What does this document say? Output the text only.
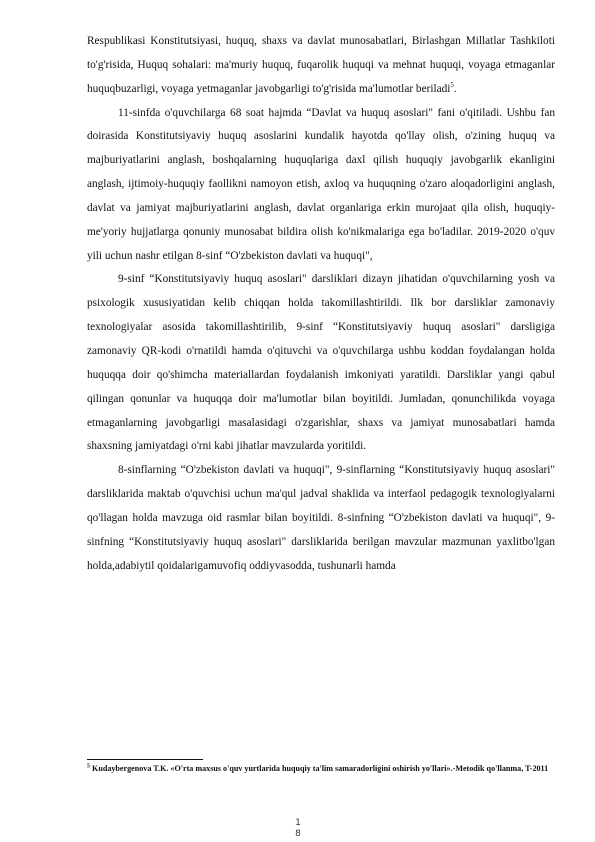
Respublikasi Konstitutsiyasi, huquq, shaxs va davlat munosabatlari, Birlashgan Millatlar Tashkiloti to'g'risida, Huquq sohalari: ma'muriy huquq, fuqarolik huquqi va mehnat huquqi, voyaga etmaganlar huquqbuzarligi, voyaga yetmaganlar javobgarligi to'g'risida ma'lumotlar beriladi$^5$.

11-sinfda o'quvchilarga 68 soat hajmda “Davlat va huquq asoslari" fani o'qitiladi. Ushbu fan doirasida Konstitutsiyaviy huquq asoslarini kundalik hayotda qo'llay olish, o'zining huquq va majburiyatlarini anglash, boshqalarning huquqlariga daxl qilish huquqiy javobgarlik ekanligini anglash, ijtimoiy-huquqiy faollikni namoyon etish, axloq va huquqning o'zaro aloqadorligini anglash, davlat va jamiyat majburiyatlarini anglash, davlat organlariga erkin murojaat qila olish, huquqiy-me'yoriy hujjatlarga qonuniy munosabat bildira olish ko'nikmalariga ega bo'ladilar. 2019-2020 o'quv yili uchun nashr etilgan 8-sinf “O'zbekiston davlati va huquqi",

9-sinf “Konstitutsiyaviy huquq asoslari" darsliklari dizayn jihatidan o'quvchilarning yosh va psixologik xususiyatidan kelib chiqqan holda takomillashtirildi. Ilk bor darsliklar zamonaviy texnologiyalar asosida takomillashtirilib, 9-sinf “Konstitutsiyaviy huquq asoslari" darsligiga zamonaviy QR-kodi o'rnatildi hamda o'qituvchi va o'quvchilarga ushbu koddan foydalangan holda huquqqa doir qo'shimcha materiallardan foydalanish imkoniyati yaratildi. Darsliklar yangi qabul qilingan qonunlar va huquqqa doir ma'lumotlar bilan boyitildi. Jumladan, qonunchilikda voyaga etmaganlarning javobgarligi masalasidagi o'zgarishlar, shaxs va jamiyat munosabatlari hamda shaxsning jamiyatdagi o'rni kabi jihatlar mavzularda yoritildi.

8-sinflarning “O'zbekiston davlati va huquqi", 9-sinflarning “Konstitutsiyaviy huquq asoslari" darsliklarida maktab o'quvchisi uchun ma'qul jadval shaklida va interfaol pedagogik texnologiyalarni qo'llagan holda mavzuga oid rasmlar bilan boyitildi. 8-sinfning “O'zbekiston davlati va huquqi", 9-sinfning “Konstitutsiyaviy huquq asoslari" darsliklarida berilgan mavzular mazmunan yaxlitbo'lgan holda,adabiytil qoidalarigamuvofiq oddiyvasodda, tushunarli hamda

$^5$ Kudaybergenova T.K. «O'rta maxsus o'quv yurtlarida huquqiy ta'lim samaradorligini oshirish yo'llari».-Metodik qo'llanma, T-2011
1
8
